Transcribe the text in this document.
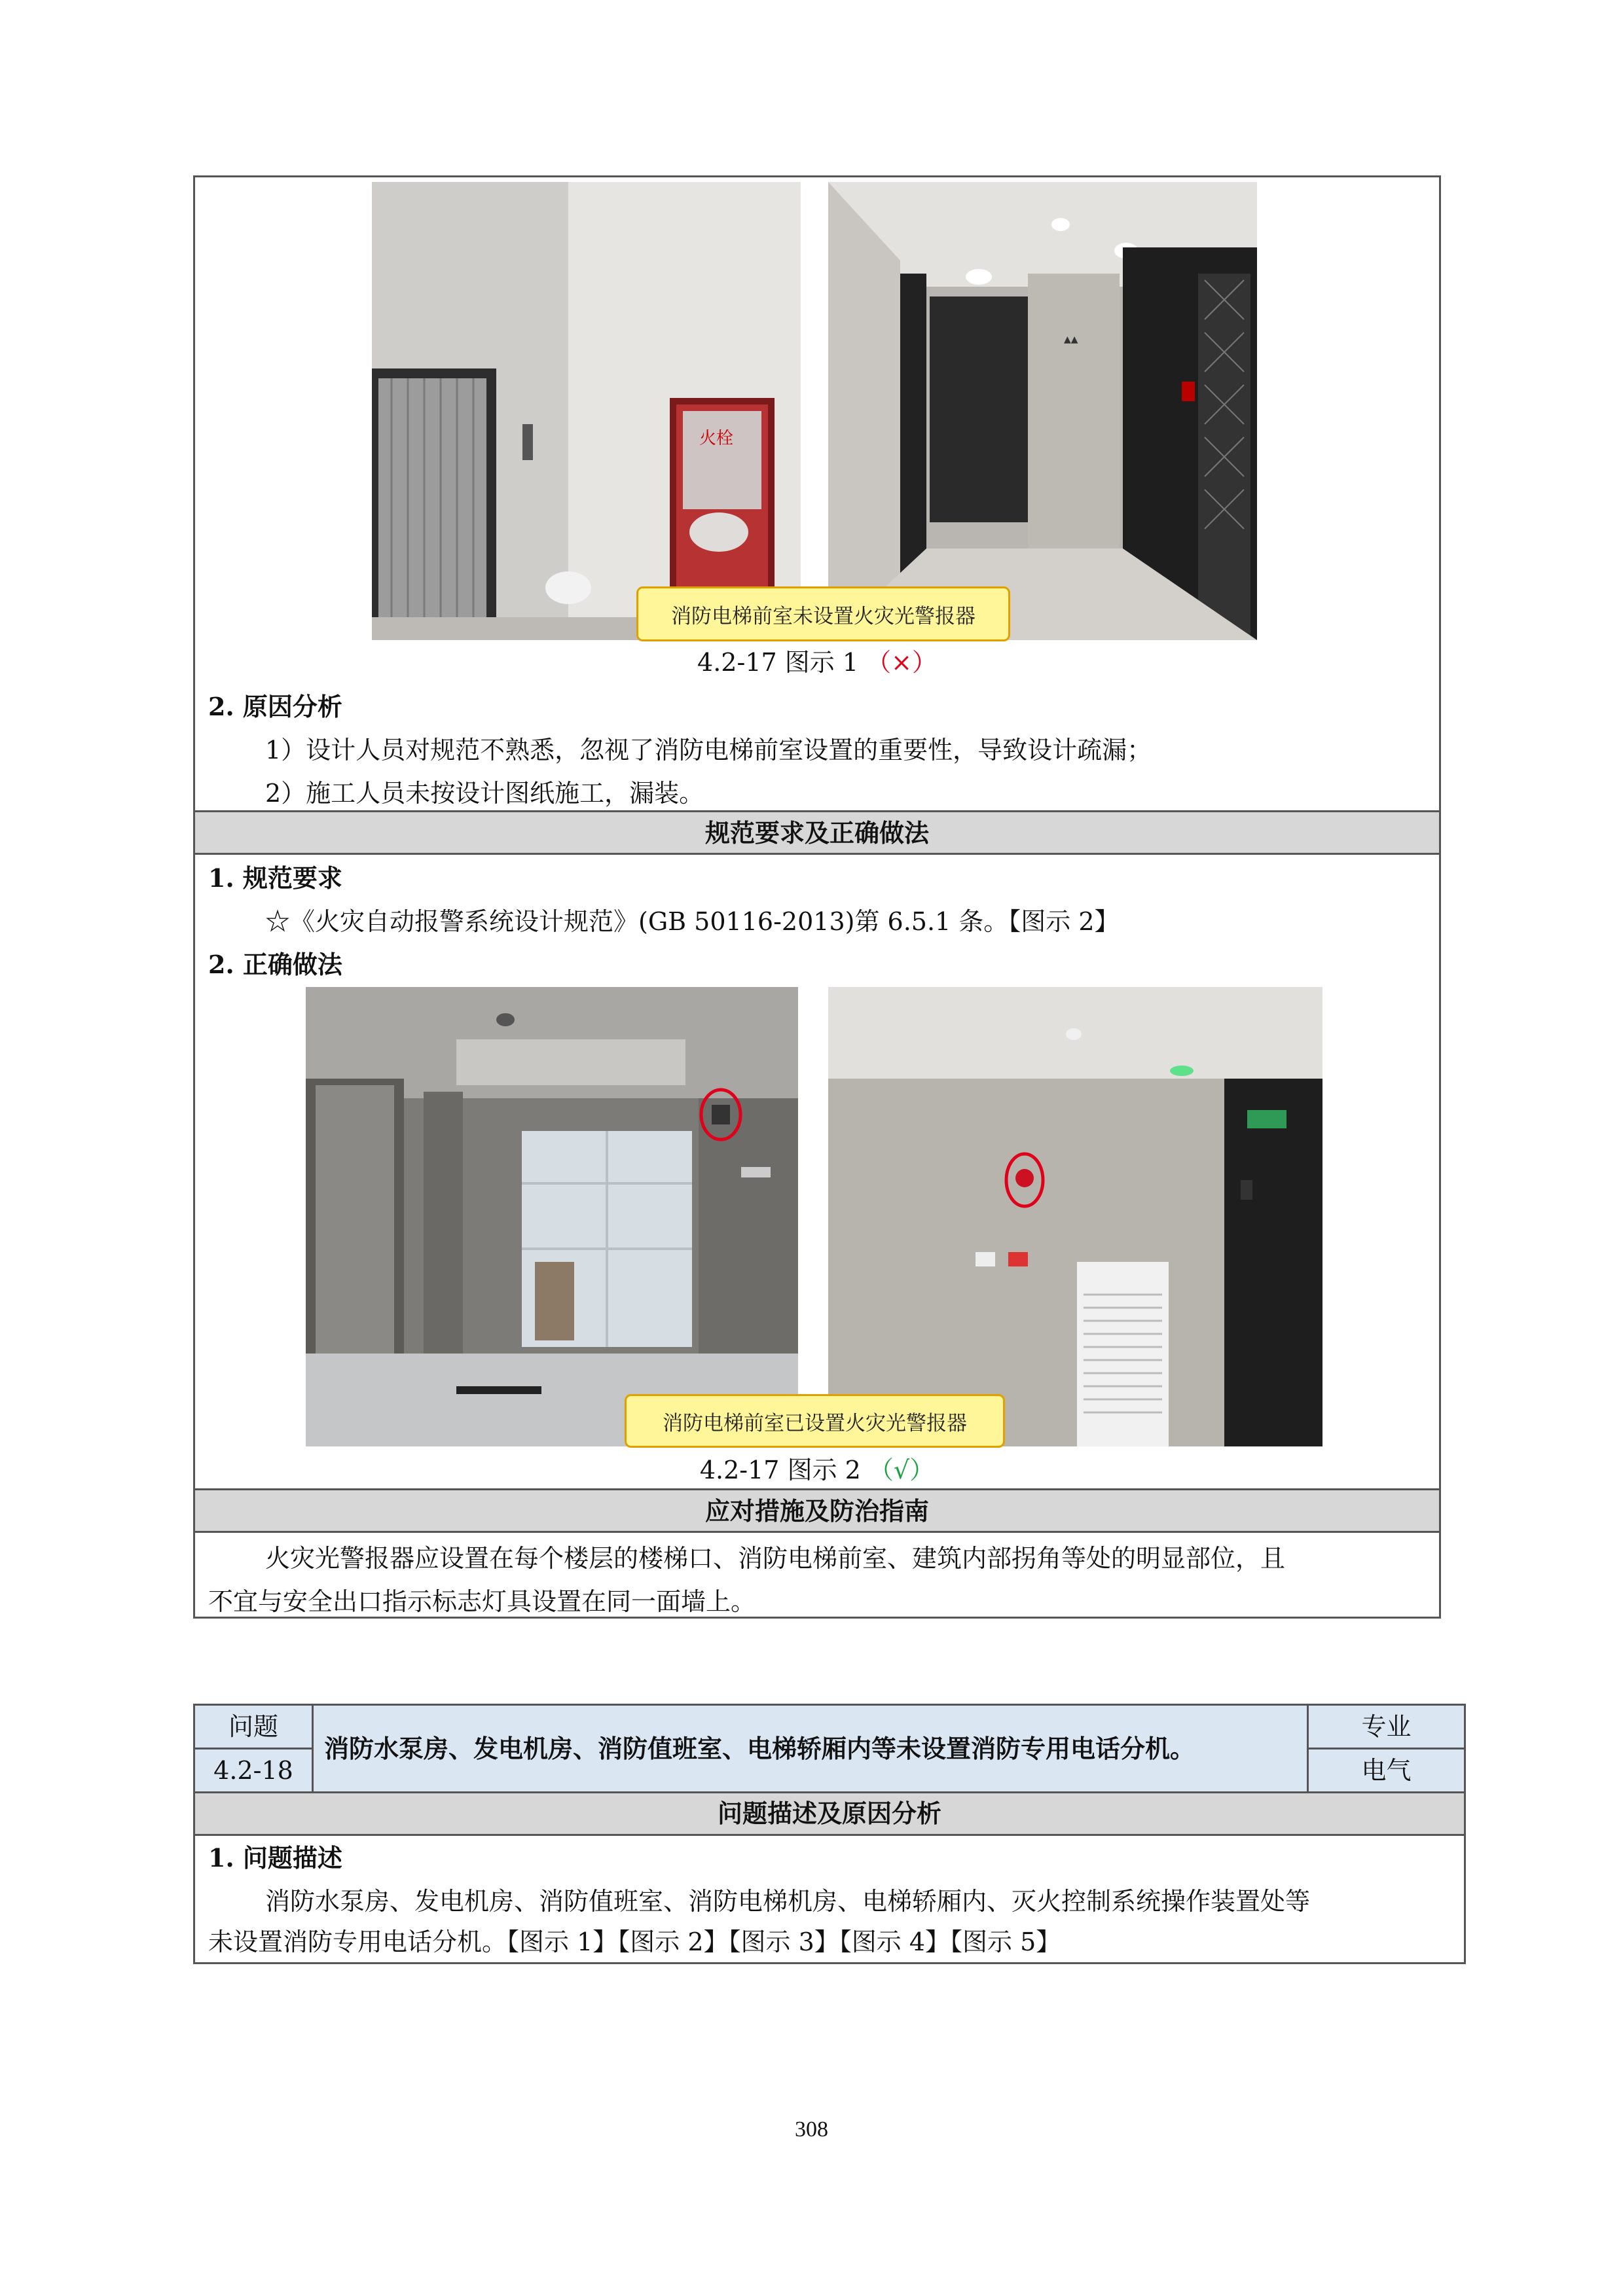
火栓
▲▲
消防电梯前室未设置火灾光警报器
4.2-17 图示 1 （×）
2. 原因分析
1）设计人员对规范不熟悉，忽视了消防电梯前室设置的重要性，导致设计疏漏；
2）施工人员未按设计图纸施工，漏装。
规范要求及正确做法
1. 规范要求
☆《火灾自动报警系统设计规范》(GB 50116-2013)第 6.5.1 条。【图示 2】
2. 正确做法
消防电梯前室已设置火灾光警报器
4.2-17 图示 2 （√）
应对措施及防治指南
火灾光警报器应设置在每个楼层的楼梯口、消防电梯前室、建筑内部拐角等处的明显部位，且
不宜与安全出口指示标志灯具设置在同一面墙上。
问题
4.2-18
消防水泵房、发电机房、消防值班室、电梯轿厢内等未设置消防专用电话分机。
专业
电气
问题描述及原因分析
1. 问题描述
消防水泵房、发电机房、消防值班室、消防电梯机房、电梯轿厢内、灭火控制系统操作装置处等
未设置消防专用电话分机。【图示 1】【图示 2】【图示 3】【图示 4】【图示 5】
308
